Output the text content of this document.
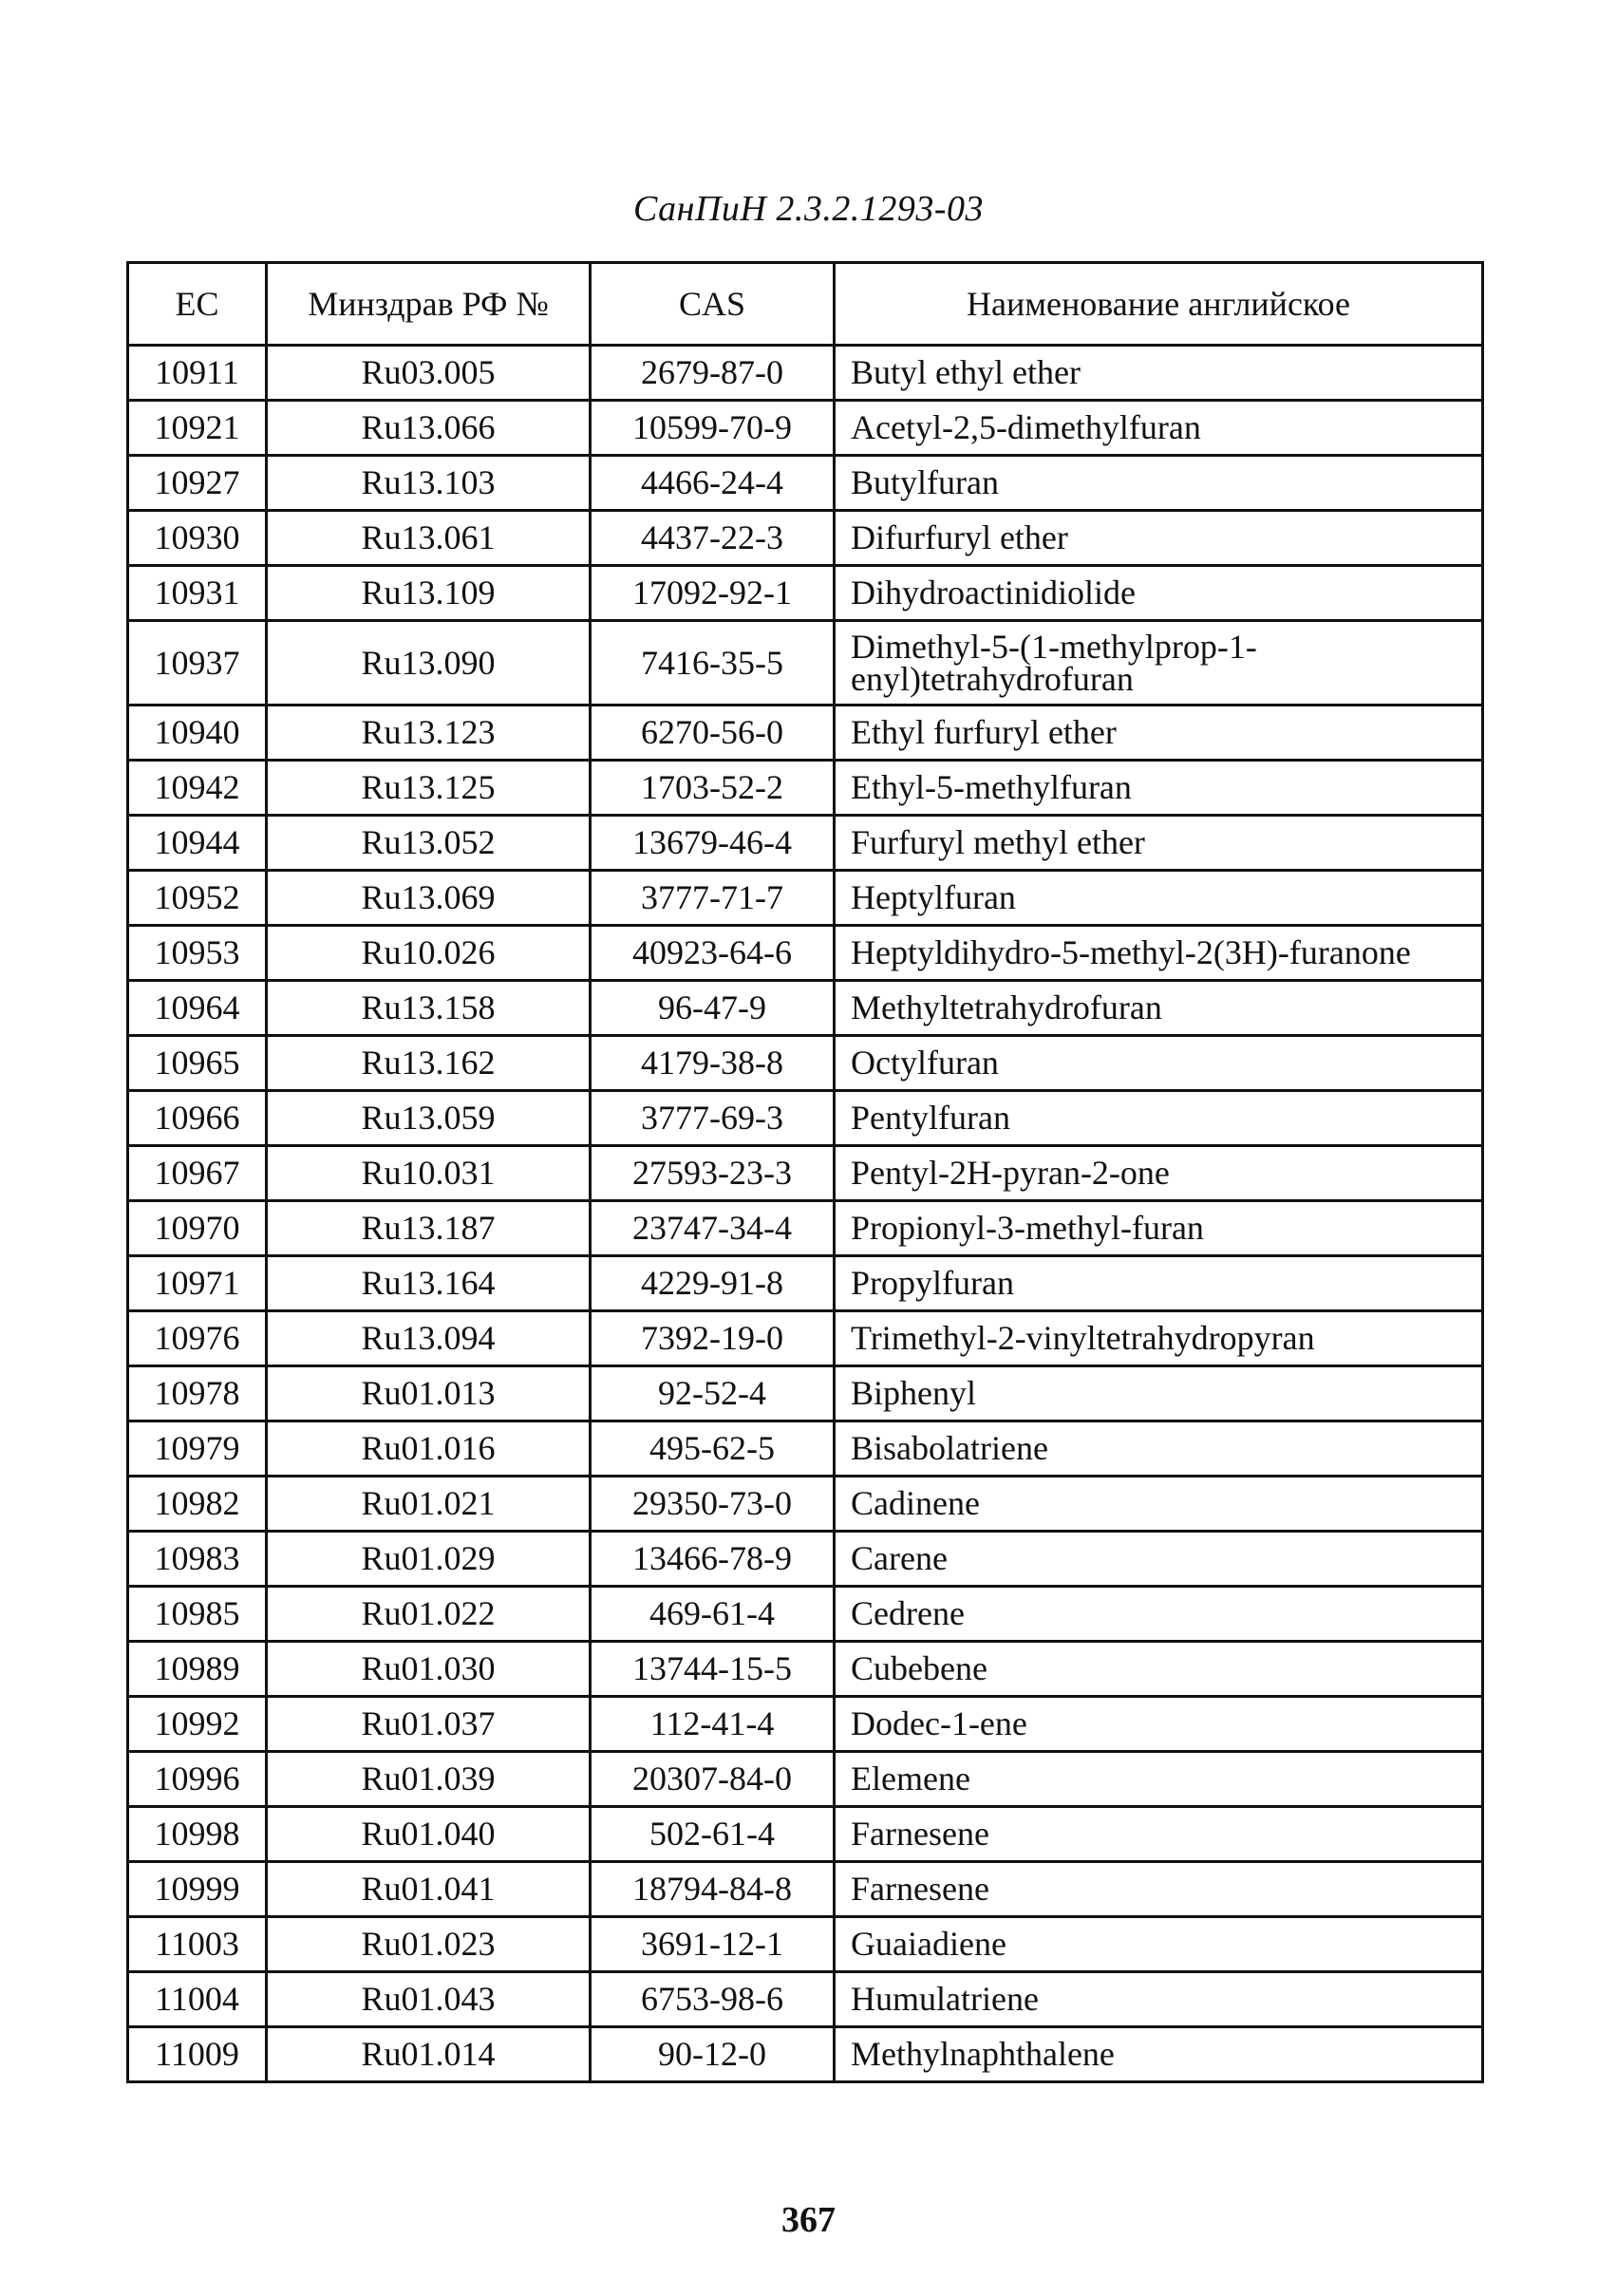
СанПиН 2.3.2.1293-03
EC	Минздрав РФ №	CAS	Наименование английское
10911	Ru03.005	2679-87-0	Butyl ethyl ether
10921	Ru13.066	10599-70-9	Acetyl-2,5-dimethylfuran
10927	Ru13.103	4466-24-4	Butylfuran
10930	Ru13.061	4437-22-3	Difurfuryl ether
10931	Ru13.109	17092-92-1	Dihydroactinidiolide
10937	Ru13.090	7416-35-5	Dimethyl-5-(1-methylprop-1-enyl)tetrahydrofuran
10940	Ru13.123	6270-56-0	Ethyl furfuryl ether
10942	Ru13.125	1703-52-2	Ethyl-5-methylfuran
10944	Ru13.052	13679-46-4	Furfuryl methyl ether
10952	Ru13.069	3777-71-7	Heptylfuran
10953	Ru10.026	40923-64-6	Heptyldihydro-5-methyl-2(3H)-furanone
10964	Ru13.158	96-47-9	Methyltetrahydrofuran
10965	Ru13.162	4179-38-8	Octylfuran
10966	Ru13.059	3777-69-3	Pentylfuran
10967	Ru10.031	27593-23-3	Pentyl-2H-pyran-2-one
10970	Ru13.187	23747-34-4	Propionyl-3-methyl-furan
10971	Ru13.164	4229-91-8	Propylfuran
10976	Ru13.094	7392-19-0	Trimethyl-2-vinyltetrahydropyran
10978	Ru01.013	92-52-4	Biphenyl
10979	Ru01.016	495-62-5	Bisabolatriene
10982	Ru01.021	29350-73-0	Cadinene
10983	Ru01.029	13466-78-9	Carene
10985	Ru01.022	469-61-4	Cedrene
10989	Ru01.030	13744-15-5	Cubebene
10992	Ru01.037	112-41-4	Dodec-1-ene
10996	Ru01.039	20307-84-0	Elemene
10998	Ru01.040	502-61-4	Farnesene
10999	Ru01.041	18794-84-8	Farnesene
11003	Ru01.023	3691-12-1	Guaiadiene
11004	Ru01.043	6753-98-6	Humulatriene
11009	Ru01.014	90-12-0	Methylnaphthalene
367
